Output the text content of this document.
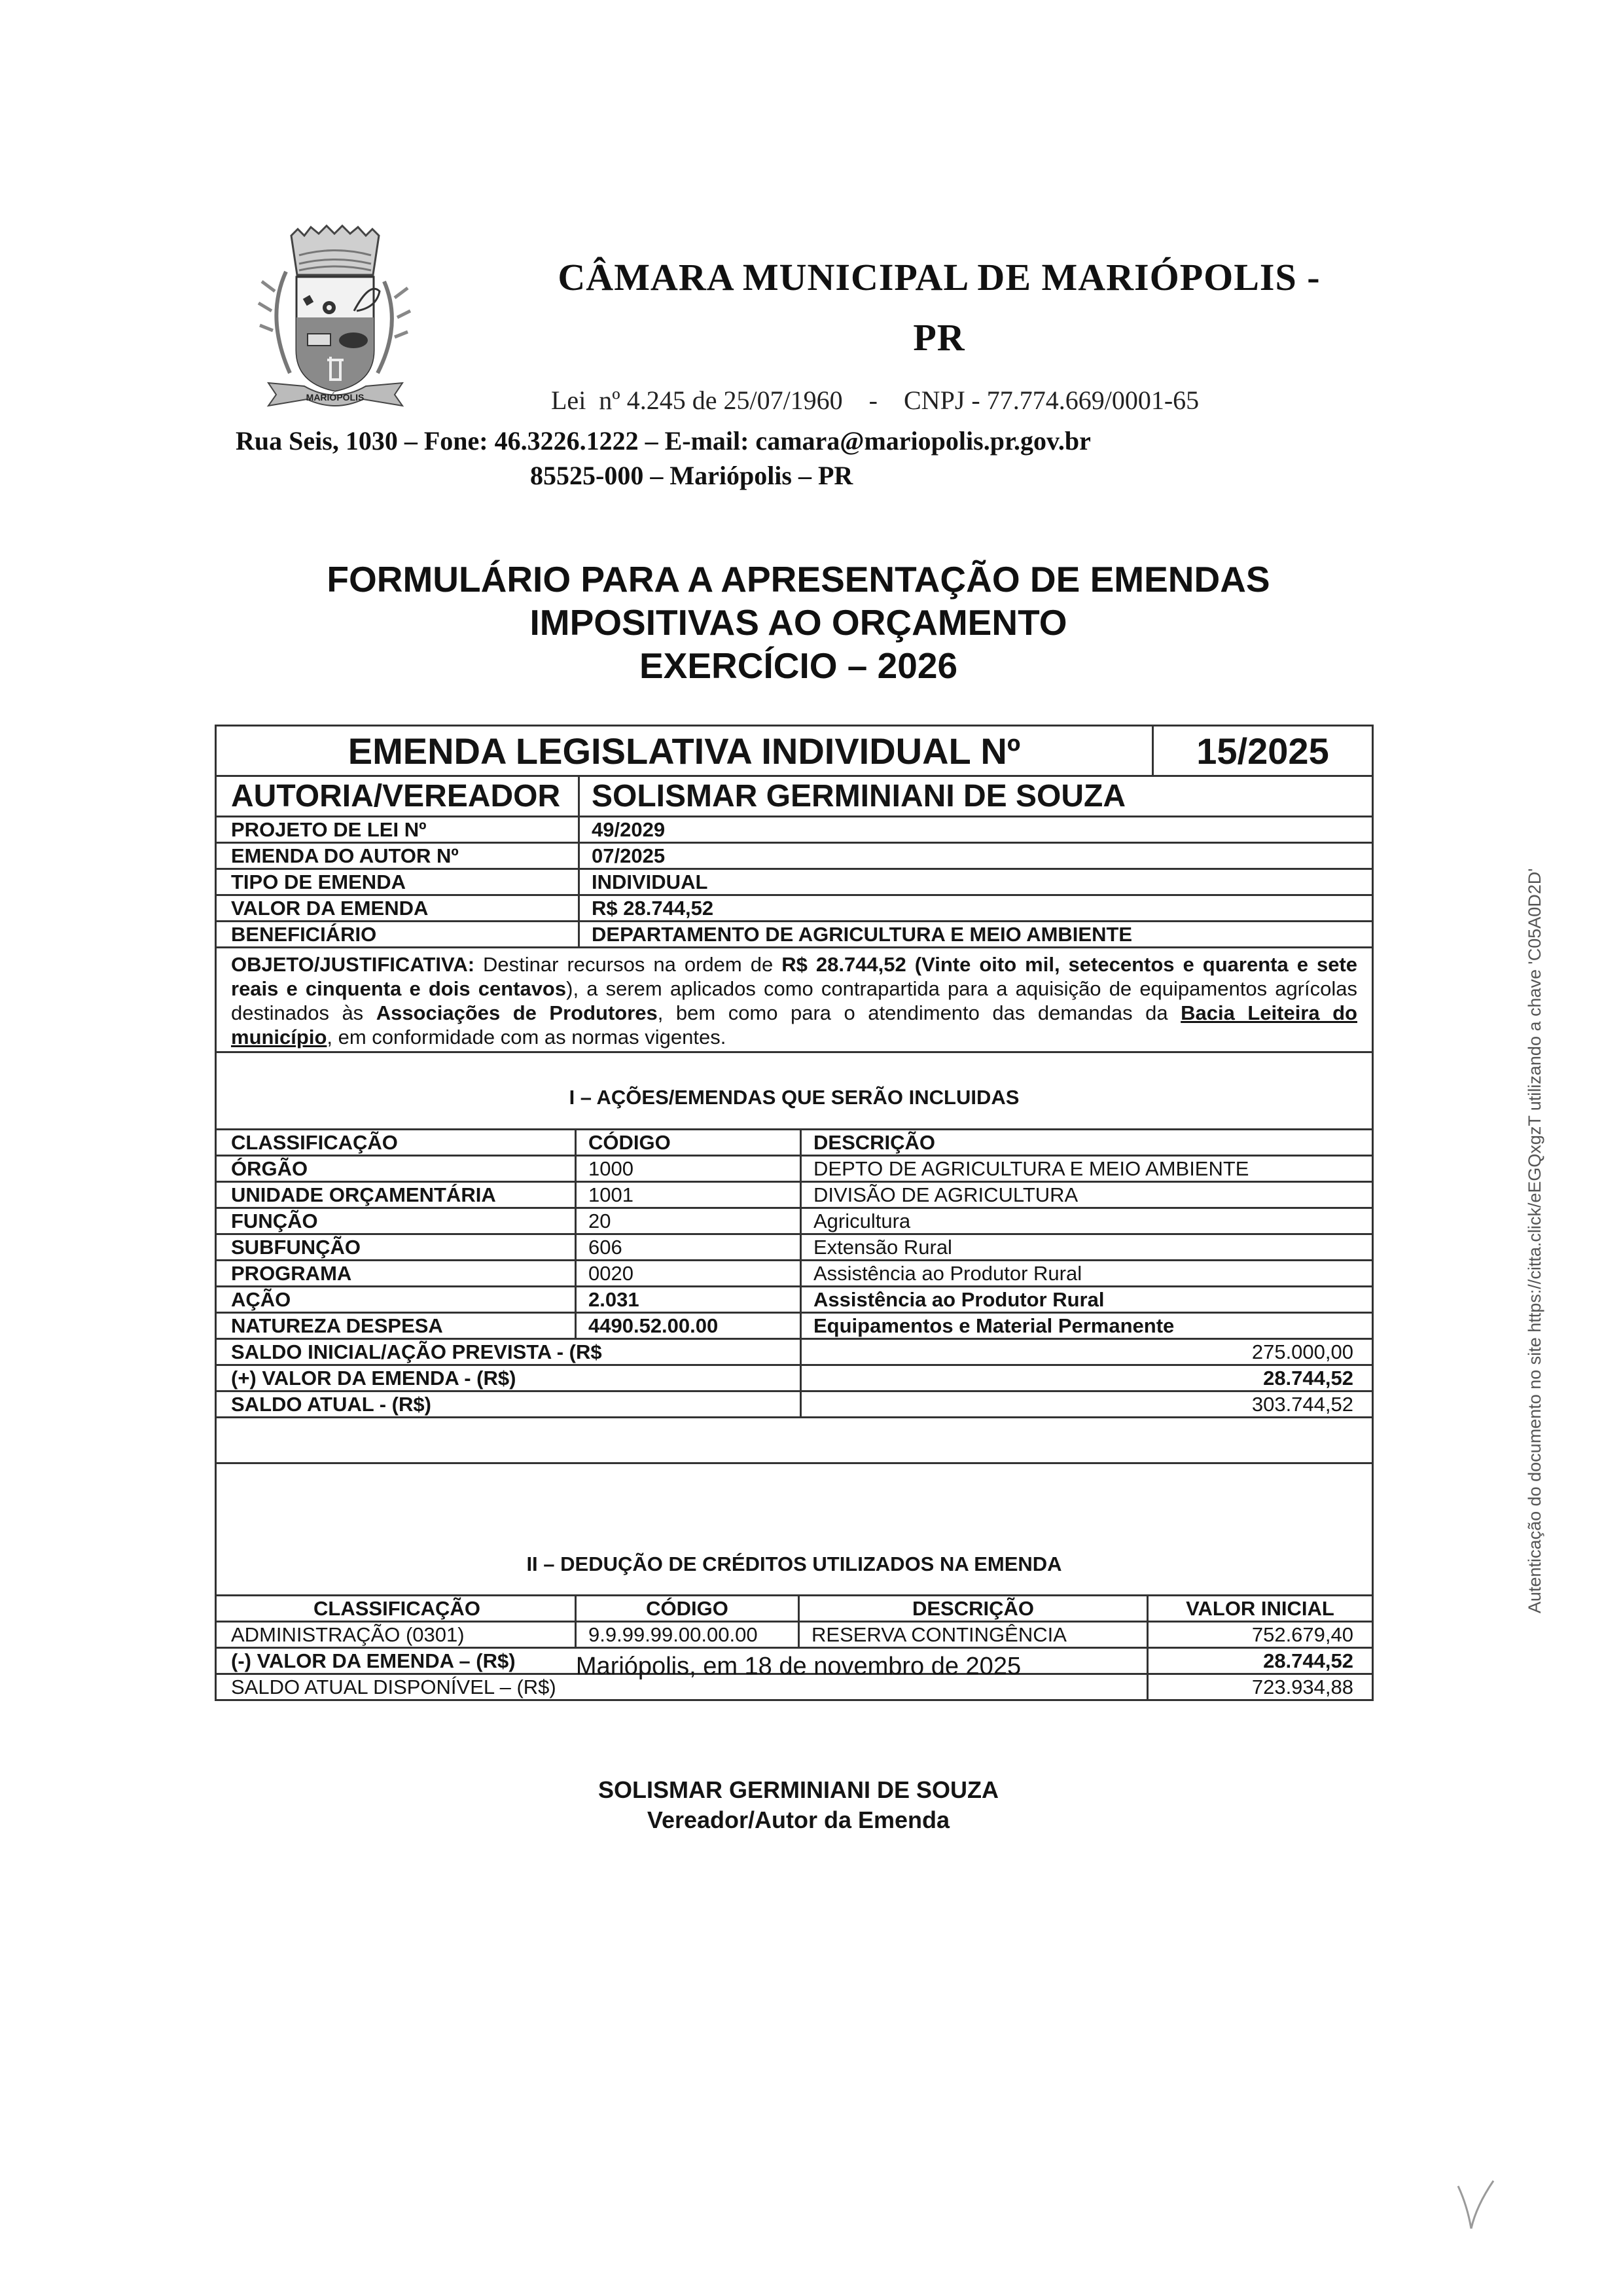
MARIÓPOLIS
CÂMARA MUNICIPAL DE MARIÓPOLIS -
PR
Lei  nº 4.245 de 25/07/1960    -    CNPJ - 77.774.669/0001-65
Rua Seis, 1030 – Fone: 46.3226.1222 – E-mail: camara@mariopolis.pr.gov.br
85525-000 – Mariópolis – PR
FORMULÁRIO PARA A APRESENTAÇÃO DE EMENDAS
IMPOSITIVAS AO ORÇAMENTO
EXERCÍCIO – 2026
EMENDA LEGISLATIVA INDIVIDUAL Nº	15/2025
AUTORIA/VEREADOR SOLISMAR GERMINIANI DE SOUZA
PROJETO DE LEI Nº	49/2029
EMENDA DO AUTOR Nº	07/2025
TIPO DE EMENDA	INDIVIDUAL
VALOR DA EMENDA	R$ 28.744,52
BENEFICIÁRIO	DEPARTAMENTO DE AGRICULTURA E MEIO AMBIENTE

OBJETO/JUSTIFICATIVA: Destinar recursos na ordem de R$ 28.744,52 (Vinte oito mil, setecentos e quarenta e sete reais e cinquenta e dois centavos), a serem aplicados como contrapartida para a aquisição de equipamentos agrícolas destinados às Associações de Produtores, bem como para o atendimento das demandas da Bacia Leiteira do município, em conformidade com as normas vigentes.

I – AÇÕES/EMENDAS QUE SERÃO INCLUIDAS
CLASSIFICAÇÃO	CÓDIGO	DESCRIÇÃO
ÓRGÃO	1000	DEPTO DE AGRICULTURA E MEIO AMBIENTE
UNIDADE ORÇAMENTÁRIA	1001	DIVISÃO DE AGRICULTURA
FUNÇÃO	20	Agricultura
SUBFUNÇÃO	606	Extensão Rural
PROGRAMA	0020	Assistência ao Produtor Rural
AÇÃO	2.031	Assistência ao Produtor Rural
NATUREZA DESPESA	4490.52.00.00	Equipamentos e Material Permanente
SALDO INICIAL/AÇÃO PREVISTA - (R$	275.000,00
(+) VALOR DA EMENDA - (R$)	28.744,52
SALDO ATUAL - (R$)	303.744,52
II – DEDUÇÃO DE CRÉDITOS UTILIZADOS NA EMENDA
CLASSIFICAÇÃO	CÓDIGO	DESCRIÇÃO	VALOR INICIAL
ADMINISTRAÇÃO (0301)	9.9.99.99.00.00.00	RESERVA CONTINGÊNCIA	752.679,40
(-) VALOR DA EMENDA – (R$)	28.744,52
SALDO ATUAL DISPONÍVEL – (R$)	723.934,88
Mariópolis, em 18 de novembro de 2025
SOLISMAR GERMINIANI DE SOUZA
Vereador/Autor da Emenda
Autenticação do documento no site https://citta.click/eEGQxgzT utilizando a chave 'C05A0D2D'
